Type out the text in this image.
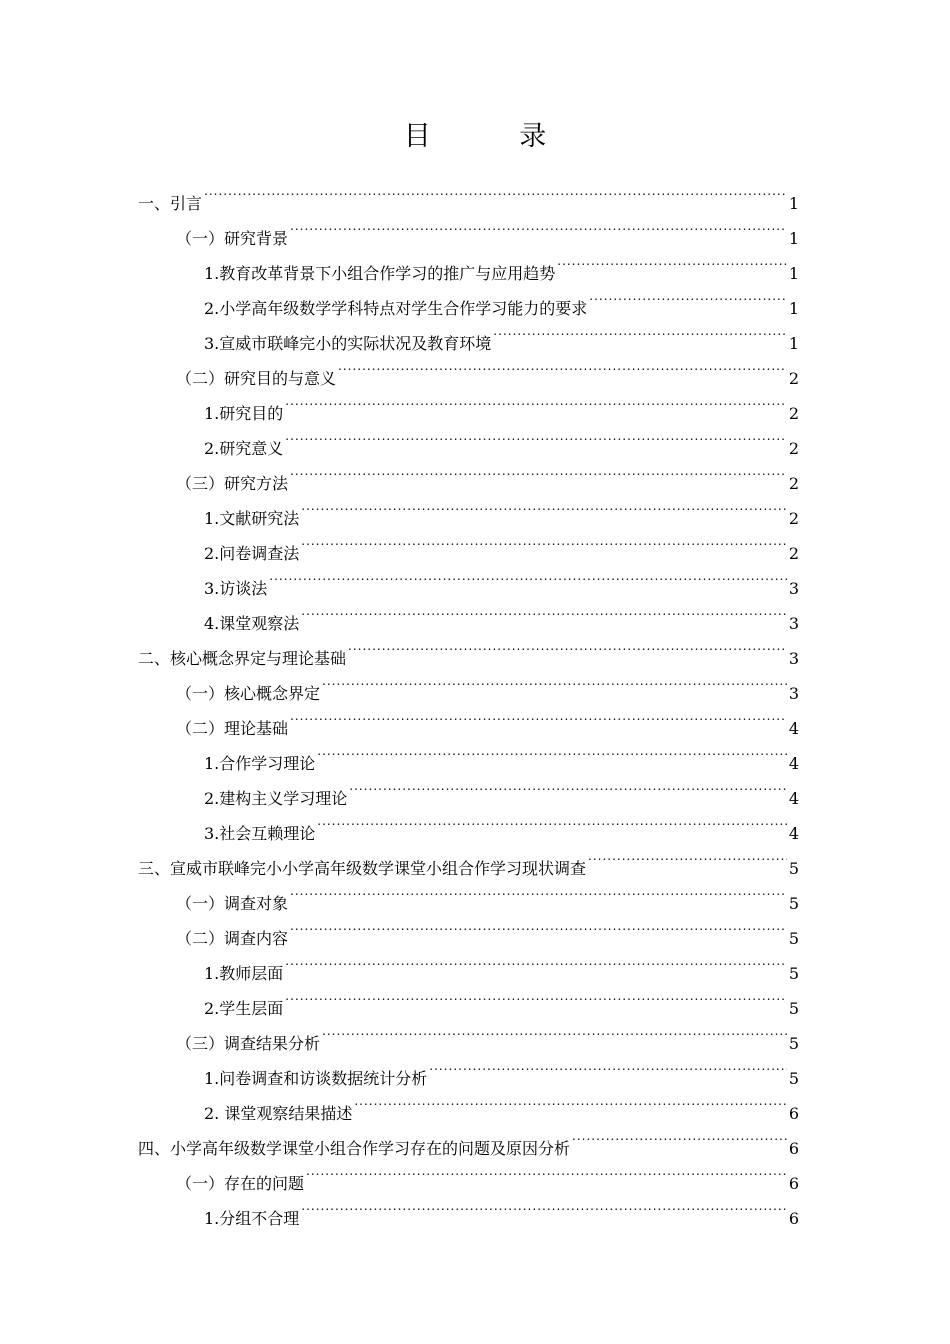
目 录
一、引言 .....	1
（一）研究背景 .....	1
1.教育改革背景下小组合作学习的推广与应用趋势 .....	1
2.小学高年级数学学科特点对学生合作学习能力的要求 .....	1
3.宣威市联峰完小的实际状况及教育环境 .....	1
（二）研究目的与意义 .....	2
1.研究目的 .....	2
2.研究意义 .....	2
（三）研究方法 .....	2
1.文献研究法 .....	2
2.问卷调查法 .....	2
3.访谈法 .....	3
4.课堂观察法 .....	3
二、核心概念界定与理论基础 .....	3
（一）核心概念界定 .....	3
（二）理论基础 .....	4
1.合作学习理论 .....	4
2.建构主义学习理论 .....	4
3.社会互赖理论 .....	4
三、宣威市联峰完小小学高年级数学课堂小组合作学习现状调查 .....	5
（一）调查对象 .....	5
（二）调查内容 .....	5
1.教师层面 .....	5
2.学生层面 .....	5
（三）调查结果分析 .....	5
1.问卷调查和访谈数据统计分析 .....	5
2. 课堂观察结果描述 .....	6
四、小学高年级数学课堂小组合作学习存在的问题及原因分析 .....	6
（一）存在的问题 .....	6
1.分组不合理 .....	6
